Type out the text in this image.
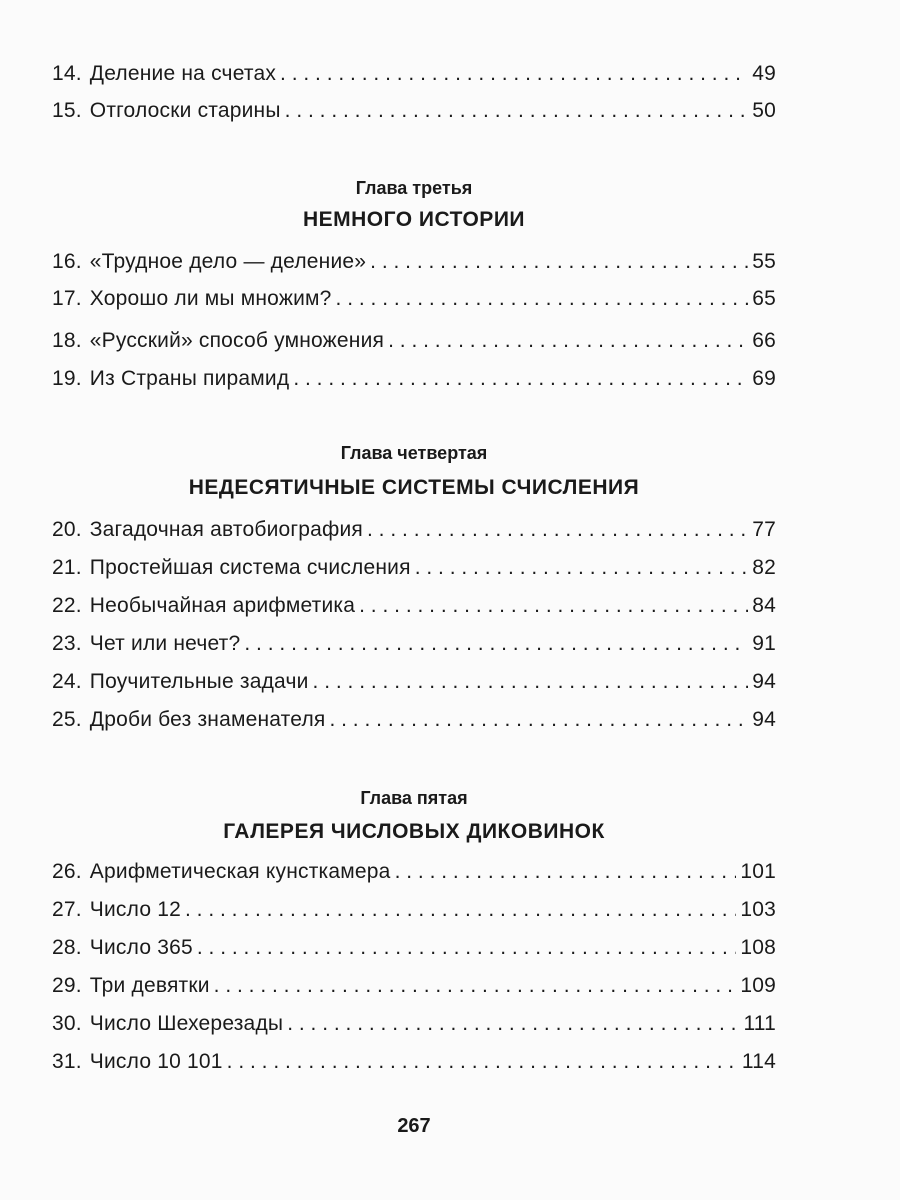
14. Деление на счетах . . .	49
15. Отголоски старины . . .	50
Глава третья
НЕМНОГО ИСТОРИИ
16. «Трудное дело — деление» . . .	55
17. Хорошо ли мы множим? . . .	65
18. «Русский» способ умножения . . .	66
19. Из Страны пирамид . . .	69
Глава четвертая
НЕДЕСЯТИЧНЫЕ СИСТЕМЫ СЧИСЛЕНИЯ
20. Загадочная автобиография . . .	77
21. Простейшая система счисления . . .	82
22. Необычайная арифметика . . .	84
23. Чет или нечет? . . .	91
24. Поучительные задачи . . .	94
25. Дроби без знаменателя . . .	94
Глава пятая
ГАЛЕРЕЯ ЧИСЛОВЫХ ДИКОВИНОК
26. Арифметическая кунсткамера . . .	101
27. Число 12 . . .	103
28. Число 365 . . .	108
29. Три девятки . . .	109
30. Число Шехерезады . . .	111
31. Число 10 101 . . .	114
267
